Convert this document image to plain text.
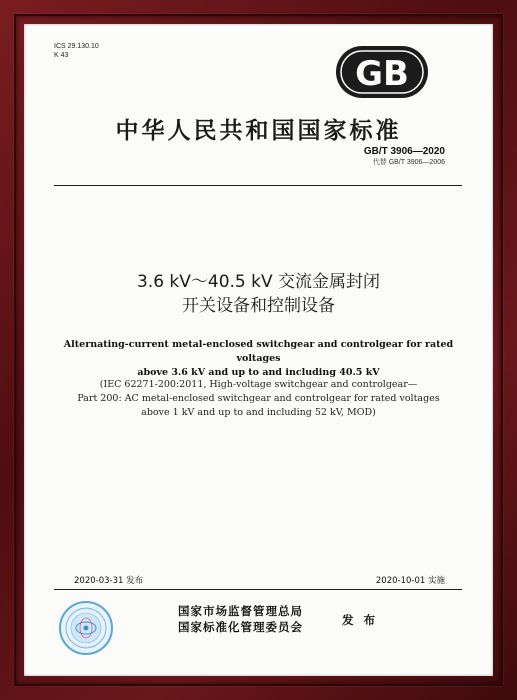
ICS 29.130.10
K 43	GB
中华人民共和国国家标准
GB/T 3906—2020
代替 GB/T 3906—2006
3.6 kV～40.5 kV 交流金属封闭
开关设备和控制设备
Alternating-current metal-enclosed switchgear and controlgear for rated voltages
above 3.6 kV and up to and including 40.5 kV
(IEC 62271-200:2011, High-voltage switchgear and controlgear—
Part 200: AC metal-enclosed switchgear and controlgear for rated voltages
above 1 kV and up to and including 52 kV, MOD)
2020-03-31 发布	2020-10-01 实施
国家市场监督管理总局
国家标准化管理委员会	发 布
